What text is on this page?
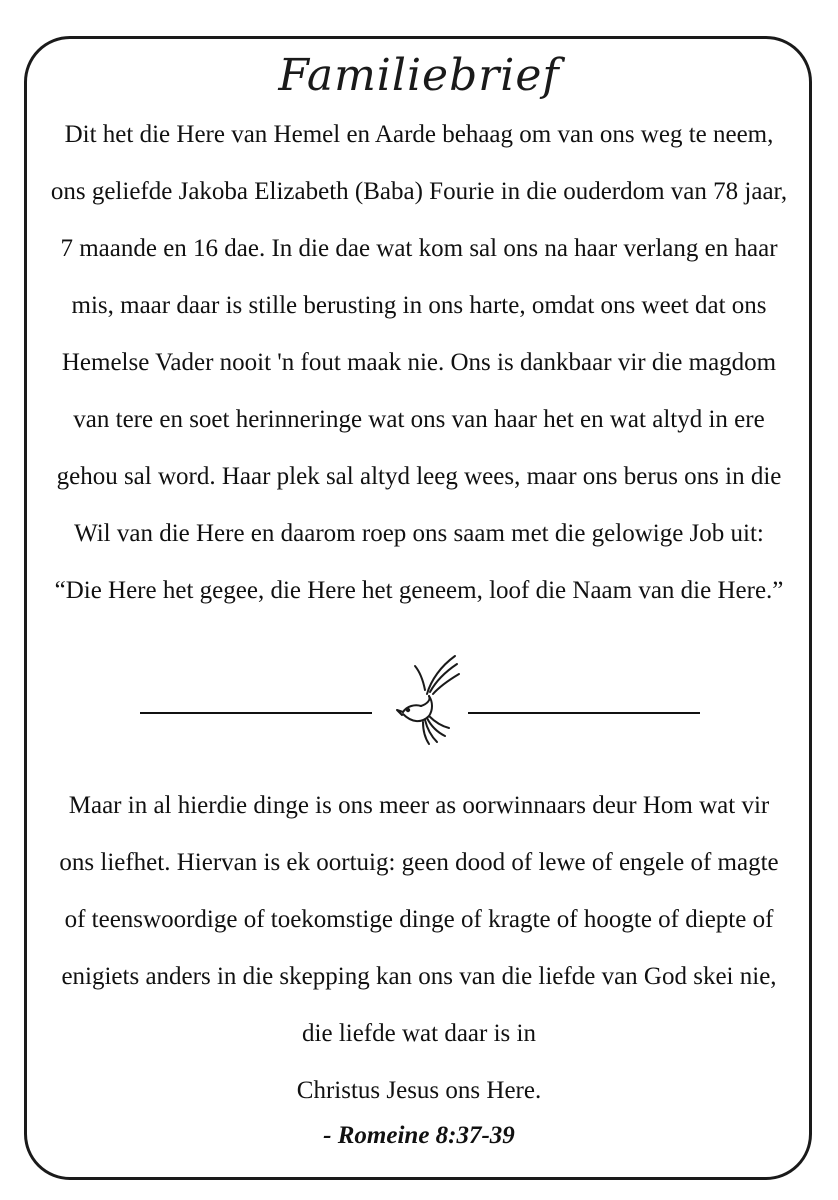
Familiebrief

Dit het die Here van Hemel en Aarde behaag om van ons weg te neem, ons geliefde Jakoba Elizabeth (Baba) Fourie in die ouderdom van 78 jaar, 7 maande en 16 dae. In die dae wat kom sal ons na haar verlang en haar mis, maar daar is stille berusting in ons harte, omdat ons weet dat ons Hemelse Vader nooit 'n fout maak nie. Ons is dankbaar vir die magdom van tere en soet herinneringe wat ons van haar het en wat altyd in ere gehou sal word. Haar plek sal altyd leeg wees, maar ons berus ons in die Wil van die Here en daarom roep ons saam met die gelowige Job uit: “Die Here het gegee, die Here het geneem, loof die Naam van die Here.”

Maar in al hierdie dinge is ons meer as oorwinnaars deur Hom wat vir ons liefhet. Hiervan is ek oortuig: geen dood of lewe of engele of magte of teenswoordige of toekomstige dinge of kragte of hoogte of diepte of enigiets anders in die skepping kan ons van die liefde van God skei nie, die liefde wat daar is in
Christus Jesus ons Here.

- Romeine 8:37-39
